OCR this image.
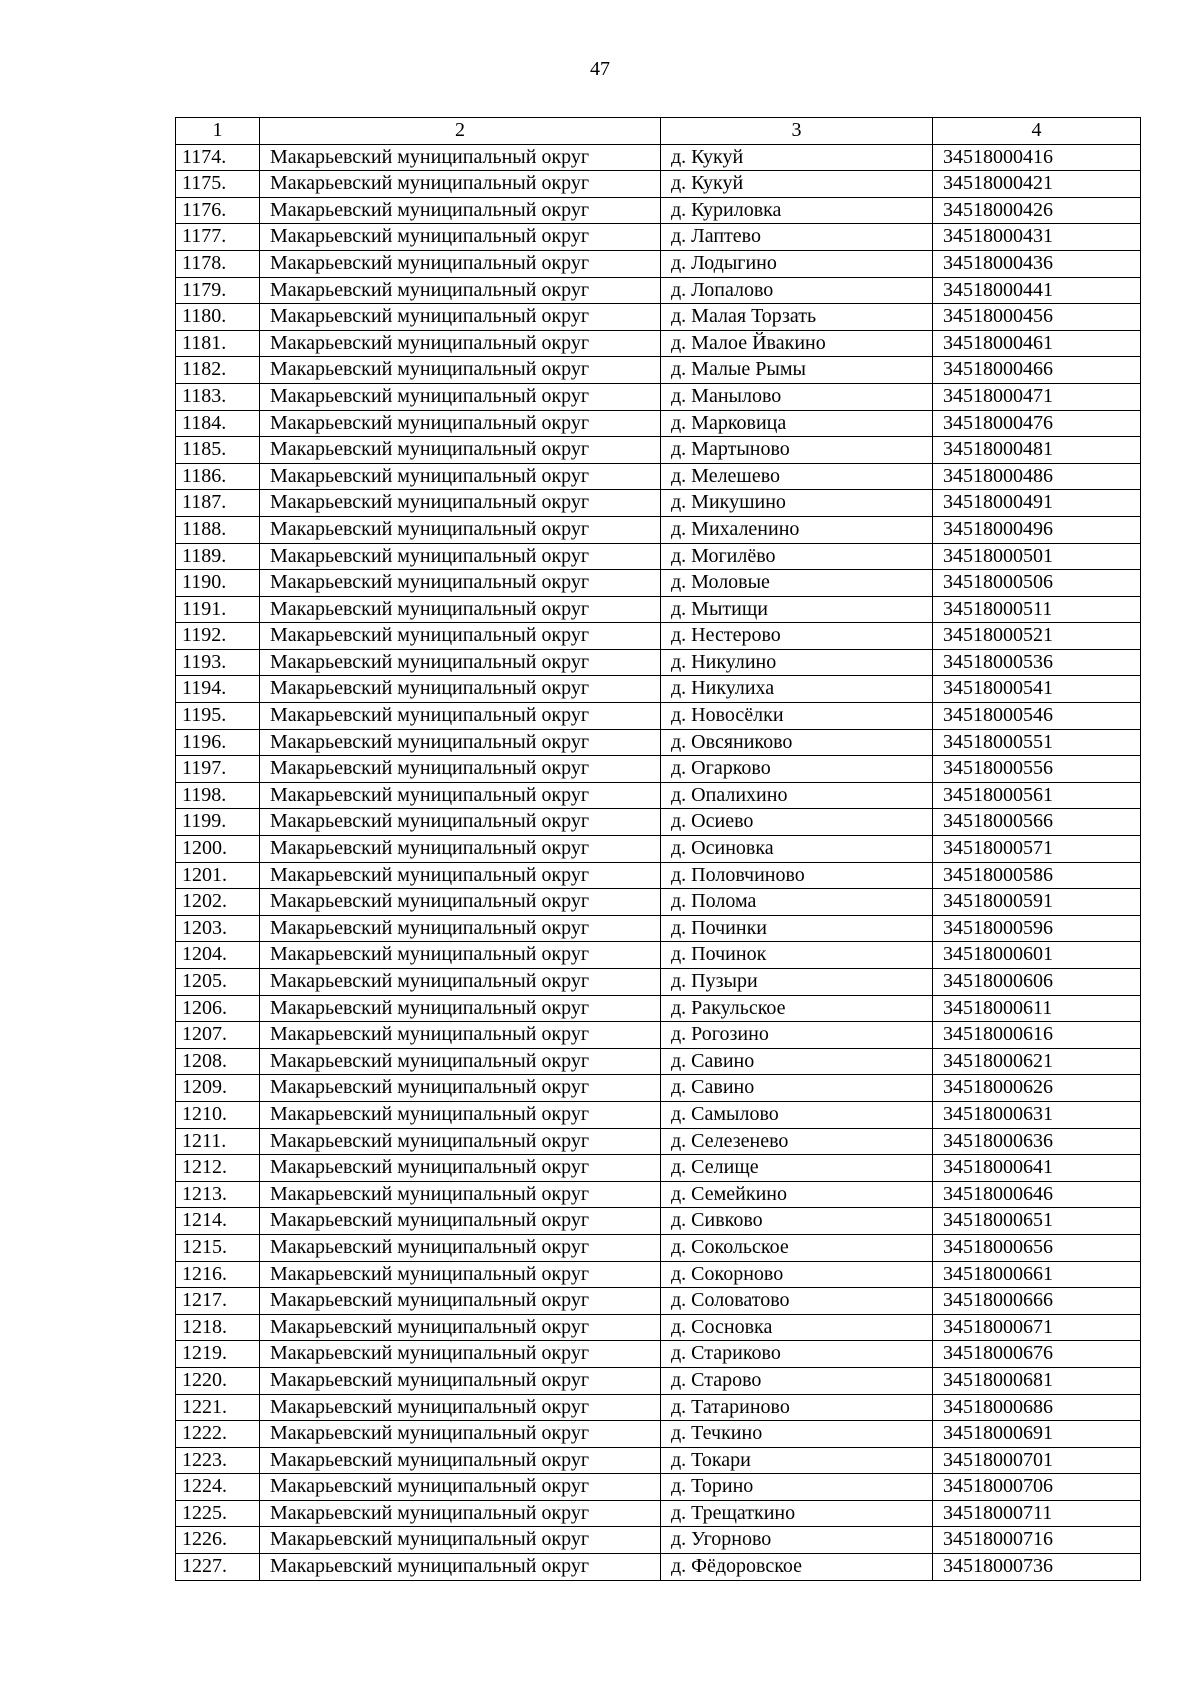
47
1	2	3	4
1174.	Макарьевский муниципальный округ	д. Кукуй	34518000416
1175.	Макарьевский муниципальный округ	д. Кукуй	34518000421
1176.	Макарьевский муниципальный округ	д. Куриловка	34518000426
1177.	Макарьевский муниципальный округ	д. Лаптево	34518000431
1178.	Макарьевский муниципальный округ	д. Лодыгино	34518000436
1179.	Макарьевский муниципальный округ	д. Лопалово	34518000441
1180.	Макарьевский муниципальный округ	д. Малая Торзать	34518000456
1181.	Макарьевский муниципальный округ	д. Малое Йвакино	34518000461
1182.	Макарьевский муниципальный округ	д. Малые Рымы	34518000466
1183.	Макарьевский муниципальный округ	д. Манылово	34518000471
1184.	Макарьевский муниципальный округ	д. Марковица	34518000476
1185.	Макарьевский муниципальный округ	д. Мартыново	34518000481
1186.	Макарьевский муниципальный округ	д. Мелешево	34518000486
1187.	Макарьевский муниципальный округ	д. Микушино	34518000491
1188.	Макарьевский муниципальный округ	д. Михаленино	34518000496
1189.	Макарьевский муниципальный округ	д. Могилёво	34518000501
1190.	Макарьевский муниципальный округ	д. Моловые	34518000506
1191.	Макарьевский муниципальный округ	д. Мытищи	34518000511
1192.	Макарьевский муниципальный округ	д. Нестерово	34518000521
1193.	Макарьевский муниципальный округ	д. Никулино	34518000536
1194.	Макарьевский муниципальный округ	д. Никулиха	34518000541
1195.	Макарьевский муниципальный округ	д. Новосёлки	34518000546
1196.	Макарьевский муниципальный округ	д. Овсяниково	34518000551
1197.	Макарьевский муниципальный округ	д. Огарково	34518000556
1198.	Макарьевский муниципальный округ	д. Опалихино	34518000561
1199.	Макарьевский муниципальный округ	д. Осиево	34518000566
1200.	Макарьевский муниципальный округ	д. Осиновка	34518000571
1201.	Макарьевский муниципальный округ	д. Половчиново	34518000586
1202.	Макарьевский муниципальный округ	д. Полома	34518000591
1203.	Макарьевский муниципальный округ	д. Починки	34518000596
1204.	Макарьевский муниципальный округ	д. Починок	34518000601
1205.	Макарьевский муниципальный округ	д. Пузыри	34518000606
1206.	Макарьевский муниципальный округ	д. Ракульское	34518000611
1207.	Макарьевский муниципальный округ	д. Рогозино	34518000616
1208.	Макарьевский муниципальный округ	д. Савино	34518000621
1209.	Макарьевский муниципальный округ	д. Савино	34518000626
1210.	Макарьевский муниципальный округ	д. Самылово	34518000631
1211.	Макарьевский муниципальный округ	д. Селезенево	34518000636
1212.	Макарьевский муниципальный округ	д. Селище	34518000641
1213.	Макарьевский муниципальный округ	д. Семейкино	34518000646
1214.	Макарьевский муниципальный округ	д. Сивково	34518000651
1215.	Макарьевский муниципальный округ	д. Сокольское	34518000656
1216.	Макарьевский муниципальный округ	д. Сокорново	34518000661
1217.	Макарьевский муниципальный округ	д. Соловатово	34518000666
1218.	Макарьевский муниципальный округ	д. Сосновка	34518000671
1219.	Макарьевский муниципальный округ	д. Стариково	34518000676
1220.	Макарьевский муниципальный округ	д. Старово	34518000681
1221.	Макарьевский муниципальный округ	д. Татариново	34518000686
1222.	Макарьевский муниципальный округ	д. Течкино	34518000691
1223.	Макарьевский муниципальный округ	д. Токари	34518000701
1224.	Макарьевский муниципальный округ	д. Торино	34518000706
1225.	Макарьевский муниципальный округ	д. Трещаткино	34518000711
1226.	Макарьевский муниципальный округ	д. Угорново	34518000716
1227.	Макарьевский муниципальный округ	д. Фёдоровское	34518000736
